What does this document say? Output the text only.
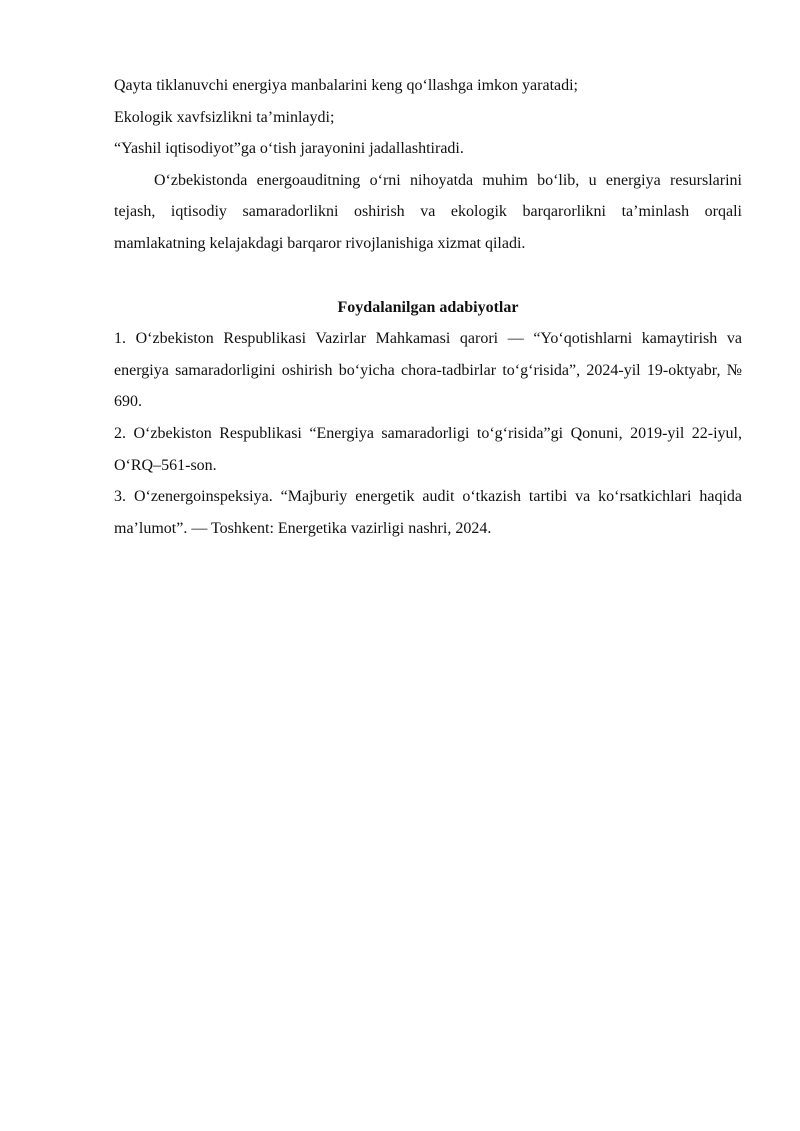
Qayta tiklanuvchi energiya manbalarini keng qo‘llashga imkon yaratadi;
Ekologik xavfsizlikni ta’minlaydi;
“Yashil iqtisodiyot”ga o‘tish jarayonini jadallashtiradi.

O‘zbekistonda energoauditning o‘rni nihoyatda muhim bo‘lib, u energiya resurslarini tejash, iqtisodiy samaradorlikni oshirish va ekologik barqarorlikni ta’minlash orqali mamlakatning kelajakdagi barqaror rivojlanishiga xizmat qiladi.

Foydalanilgan adabiyotlar

1. O‘zbekiston Respublikasi Vazirlar Mahkamasi qarori — “Yo‘qotishlarni kamaytirish va energiya samaradorligini oshirish bo‘yicha chora-tadbirlar to‘g‘risida”, 2024-yil 19-oktyabr, № 690.

2. O‘zbekiston Respublikasi “Energiya samaradorligi to‘g‘risida”gi Qonuni, 2019-yil 22-iyul, O‘RQ–561-son.

3. O‘zenergoinspeksiya. “Majburiy energetik audit o‘tkazish tartibi va ko‘rsatkichlari haqida ma’lumot”. — Toshkent: Energetika vazirligi nashri, 2024.
